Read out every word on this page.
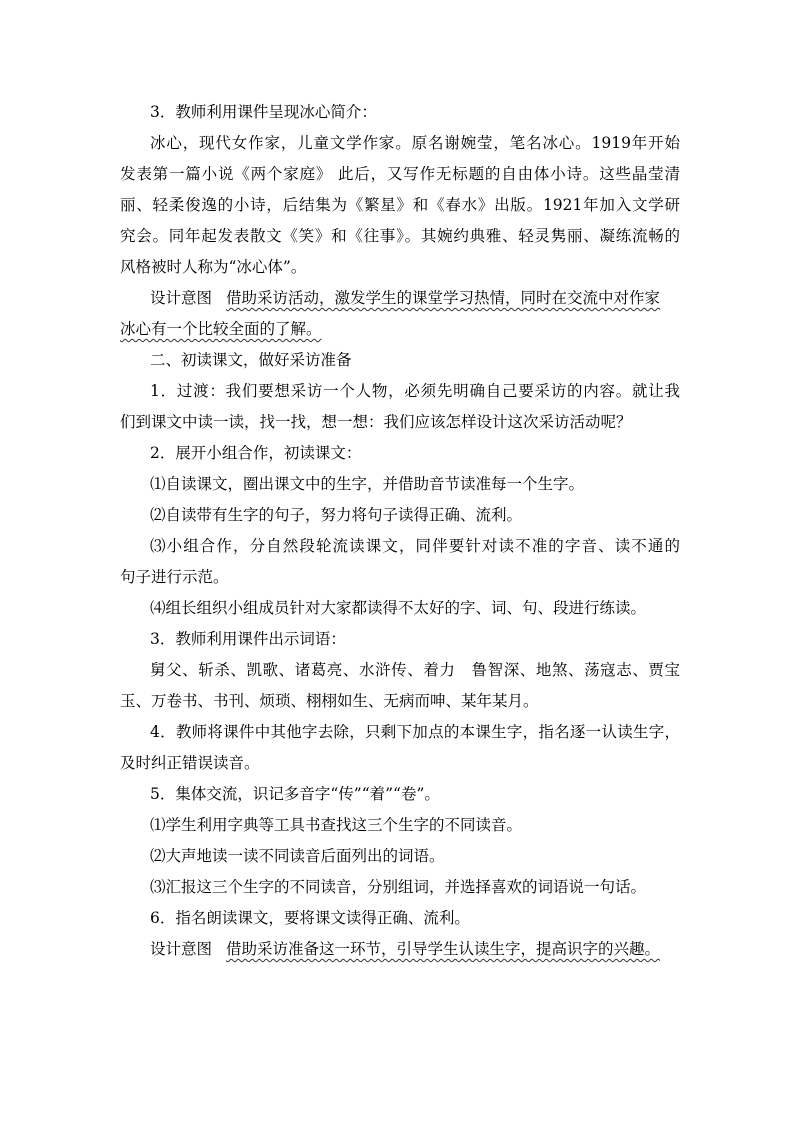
3．教师利用课件呈现冰心简介：
冰心，现代女作家，儿童文学作家。原名谢婉莹，笔名冰心。1919年开始
发表第一篇小说《两个家庭》 此后，又写作无标题的自由体小诗。这些晶莹清
丽、轻柔俊逸的小诗，后结集为《繁星》和《春水》出版。1921年加入文学研
究会。同年起发表散文《笑》和《往事》。其婉约典雅、轻灵隽丽、凝练流畅的
风格被时人称为“冰心体”。
设计意图 借助采访活动，激发学生的课堂学习热情，同时在交流中对作家
冰心有一个比较全面的了解。
二、初读课文，做好采访准备
1．过渡：我们要想采访一个人物，必须先明确自己要采访的内容。就让我
们到课文中读一读，找一找，想一想：我们应该怎样设计这次采访活动呢？
2．展开小组合作，初读课文：
⑴自读课文，圈出课文中的生字，并借助音节读准每一个生字。
⑵自读带有生字的句子，努力将句子读得正确、流利。
⑶小组合作，分自然段轮流读课文，同伴要针对读不准的字音、读不通的
句子进行示范。
⑷组长组织小组成员针对大家都读得不太好的字、词、句、段进行练读。
3．教师利用课件出示词语：
舅父、斩杀、凯歌、诸葛亮、水浒传、着力　鲁智深、地煞、荡寇志、贾宝
玉、万卷书、书刊、烦琐、栩栩如生、无病而呻、某年某月。
4．教师将课件中其他字去除，只剩下加点的本课生字，指名逐一认读生字，
及时纠正错误读音。
5．集体交流，识记多音字“传”“着”“卷”。
⑴学生利用字典等工具书查找这三个生字的不同读音。
⑵大声地读一读不同读音后面列出的词语。
⑶汇报这三个生字的不同读音，分别组词，并选择喜欢的词语说一句话。
6．指名朗读课文，要将课文读得正确、流利。
设计意图 借助采访准备这一环节，引导学生认读生字，提高识字的兴趣。
